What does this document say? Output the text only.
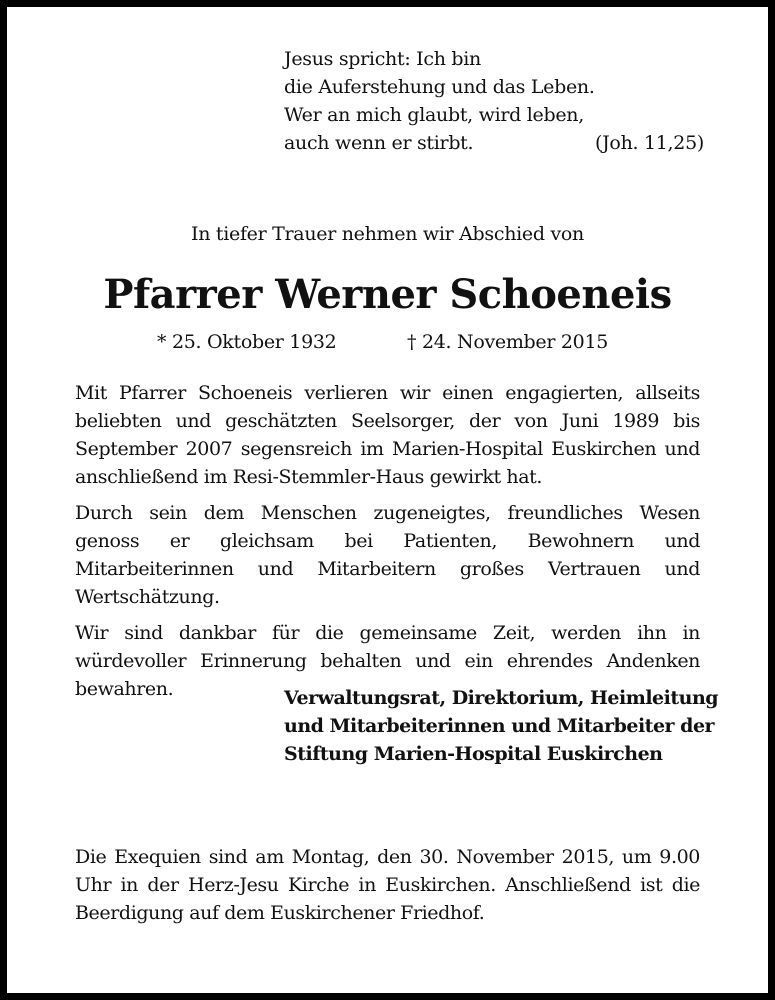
Jesus spricht: Ich bin
die Auferstehung und das Leben.
Wer an mich glaubt, wird leben,
auch wenn er stirbt.	(Joh. 11,25)
In tiefer Trauer nehmen wir Abschied von
Pfarrer Werner Schoeneis
* 25. Oktober 1932	† 24. November 2015

Mit Pfarrer Schoeneis verlieren wir einen engagierten, allseits beliebten und geschätzten Seelsorger, der von Juni 1989 bis September 2007 segensreich im Marien-Hospital Euskirchen und anschließend im Resi-Stemmler-Haus gewirkt hat.

Durch sein dem Menschen zugeneigtes, freundliches Wesen genoss er gleichsam bei Patienten, Bewohnern und Mitarbeiterinnen und Mitarbeitern großes Vertrauen und Wertschätzung.

Wir sind dankbar für die gemeinsame Zeit, werden ihn in würdevoller Erinnerung behalten und ein ehrendes Andenken bewahren.	Verwaltungsrat, Direktorium, Heimleitung
und Mitarbeiterinnen und Mitarbeiter der
Stiftung Marien-Hospital Euskirchen
Die Exequien sind am Montag, den 30. November 2015, um 9.00 Uhr in der Herz-Jesu Kirche in Euskirchen. Anschließend ist die Beerdigung auf dem Euskirchener Friedhof.
